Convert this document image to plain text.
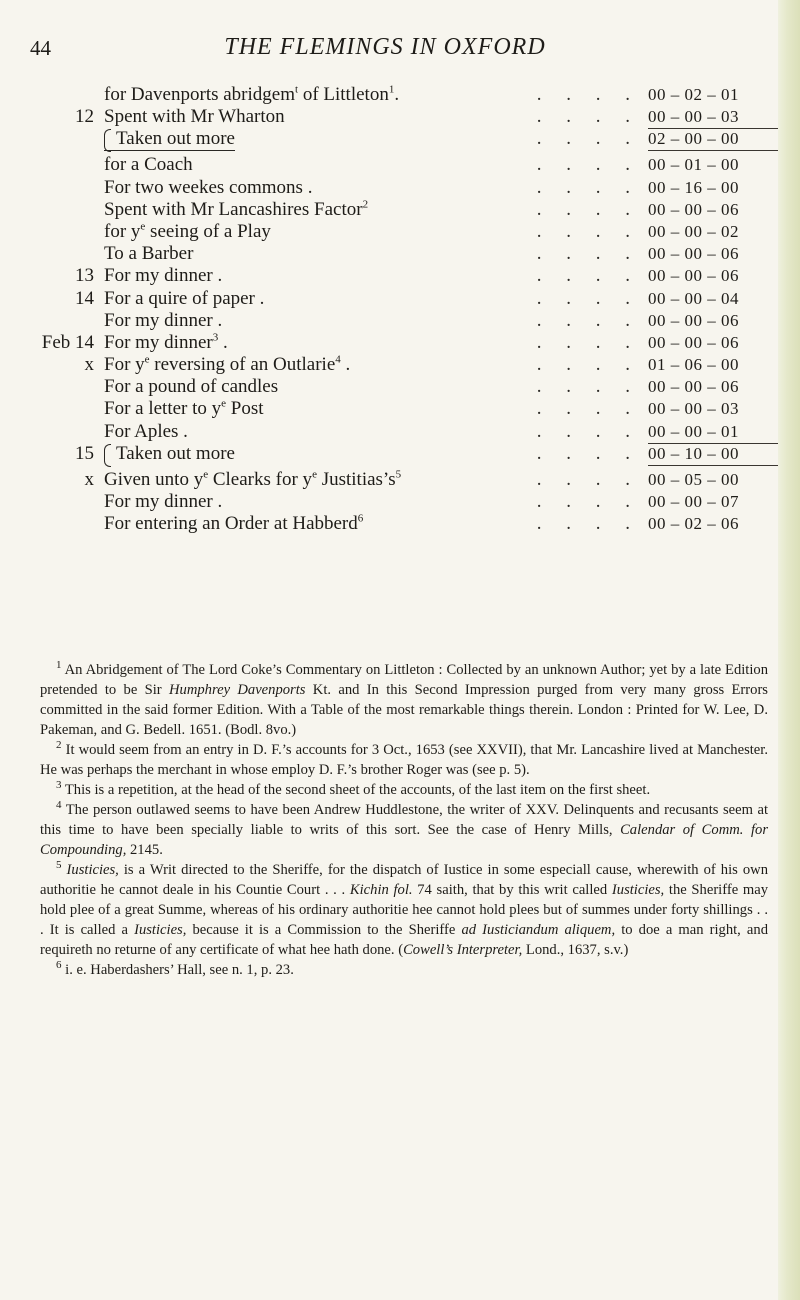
44	THE FLEMINGS IN OXFORD
for Davenports abridgem$^t$ of Littleton$^1$.	. . . . 00 – 02 – 01
12 Spent with Mr Wharton	. . . . 00 – 00 – 03
Taken out more	. . . . 02 – 00 – 00
for a Coach	. . . . 00 – 01 – 00
For two weekes commons .	. . . . 00 – 16 – 00
Spent with Mr Lancashires Factor$^2$	. . . . 00 – 00 – 06
for $y^e$ seeing of a Play	. . . . 00 – 00 – 02
To a Barber	. . . . 00 – 00 – 06
13 For my dinner .	. . . . 00 – 00 – 06
14 For a quire of paper .	. . . . 00 – 00 – 04
For my dinner .	. . . . 00 – 00 – 06
Feb 14 For my dinner$^3$ .	. . . . 00 – 00 – 06
x For $y^e$ reversing of an Outlarie$^4$ .	. . . . 01 – 06 – 00
For a pound of candles	. . . . 00 – 00 – 06
For a letter to $y^e$ Post	. . . . 00 – 00 – 03
For Aples .	. . . . 00 – 00 – 01
15	Taken out more	. . . . 00 – 10 – 00
x Given unto $y^e$ Clearks for $y^e$ $Justitias’s^5$	. . . . 00 – 05 – 00
For my dinner .	. . . . 00 – 00 – 07
For entering an Order at Habberd$^6$	. . . . 00 – 02 – 06

$^1$ An Abridgement of The Lord Coke’s Commentary on Littleton : Collected by an unknown Author; yet by a late Edition pretended to be Sir Humphrey Davenports Kt. and In this Second Impression purged from very many gross Errors committed in the said former Edition. With a Table of the most remarkable things therein. London : Printed for W. Lee, D. Pakeman, and G. Bedell. 1651. (Bodl. 8vo.)

$^2$ It would seem from an entry in D. F.’s accounts for 3 Oct., 1653 (see XXVII), that Mr. Lancashire lived at Manchester. He was perhaps the merchant in whose employ D. F.’s brother Roger was (see p. 5).

$^3$ This is a repetition, at the head of the second sheet of the accounts, of the last item on the first sheet.

$^4$ The person outlawed seems to have been Andrew Huddlestone, the writer of XXV. Delinquents and recusants seem at this time to have been specially liable to writs of this sort. See the case of Henry Mills, Calendar of Comm. for Compounding, 2145.

$^5$ Iusticies, is a Writ directed to the Sheriffe, for the dispatch of Iustice in some especiall cause, wherewith of his own authoritie he cannot deale in his Countie Court . . . Kichin fol. 74 saith, that by this writ called Iusticies, the Sheriffe may hold plee of a great Summe, whereas of his ordinary authoritie hee cannot hold plees but of summes under forty shillings . . . It is called a Iusticies, because it is a Commission to the Sheriffe ad Iusticiandum aliquem, to doe a man right, and requireth no returne of any certificate of what hee hath done. (Cowell’s Interpreter, Lond., 1637, s.v.)

$^6$ i. e. Haberdashers’ Hall, see n. 1, p. 23.
